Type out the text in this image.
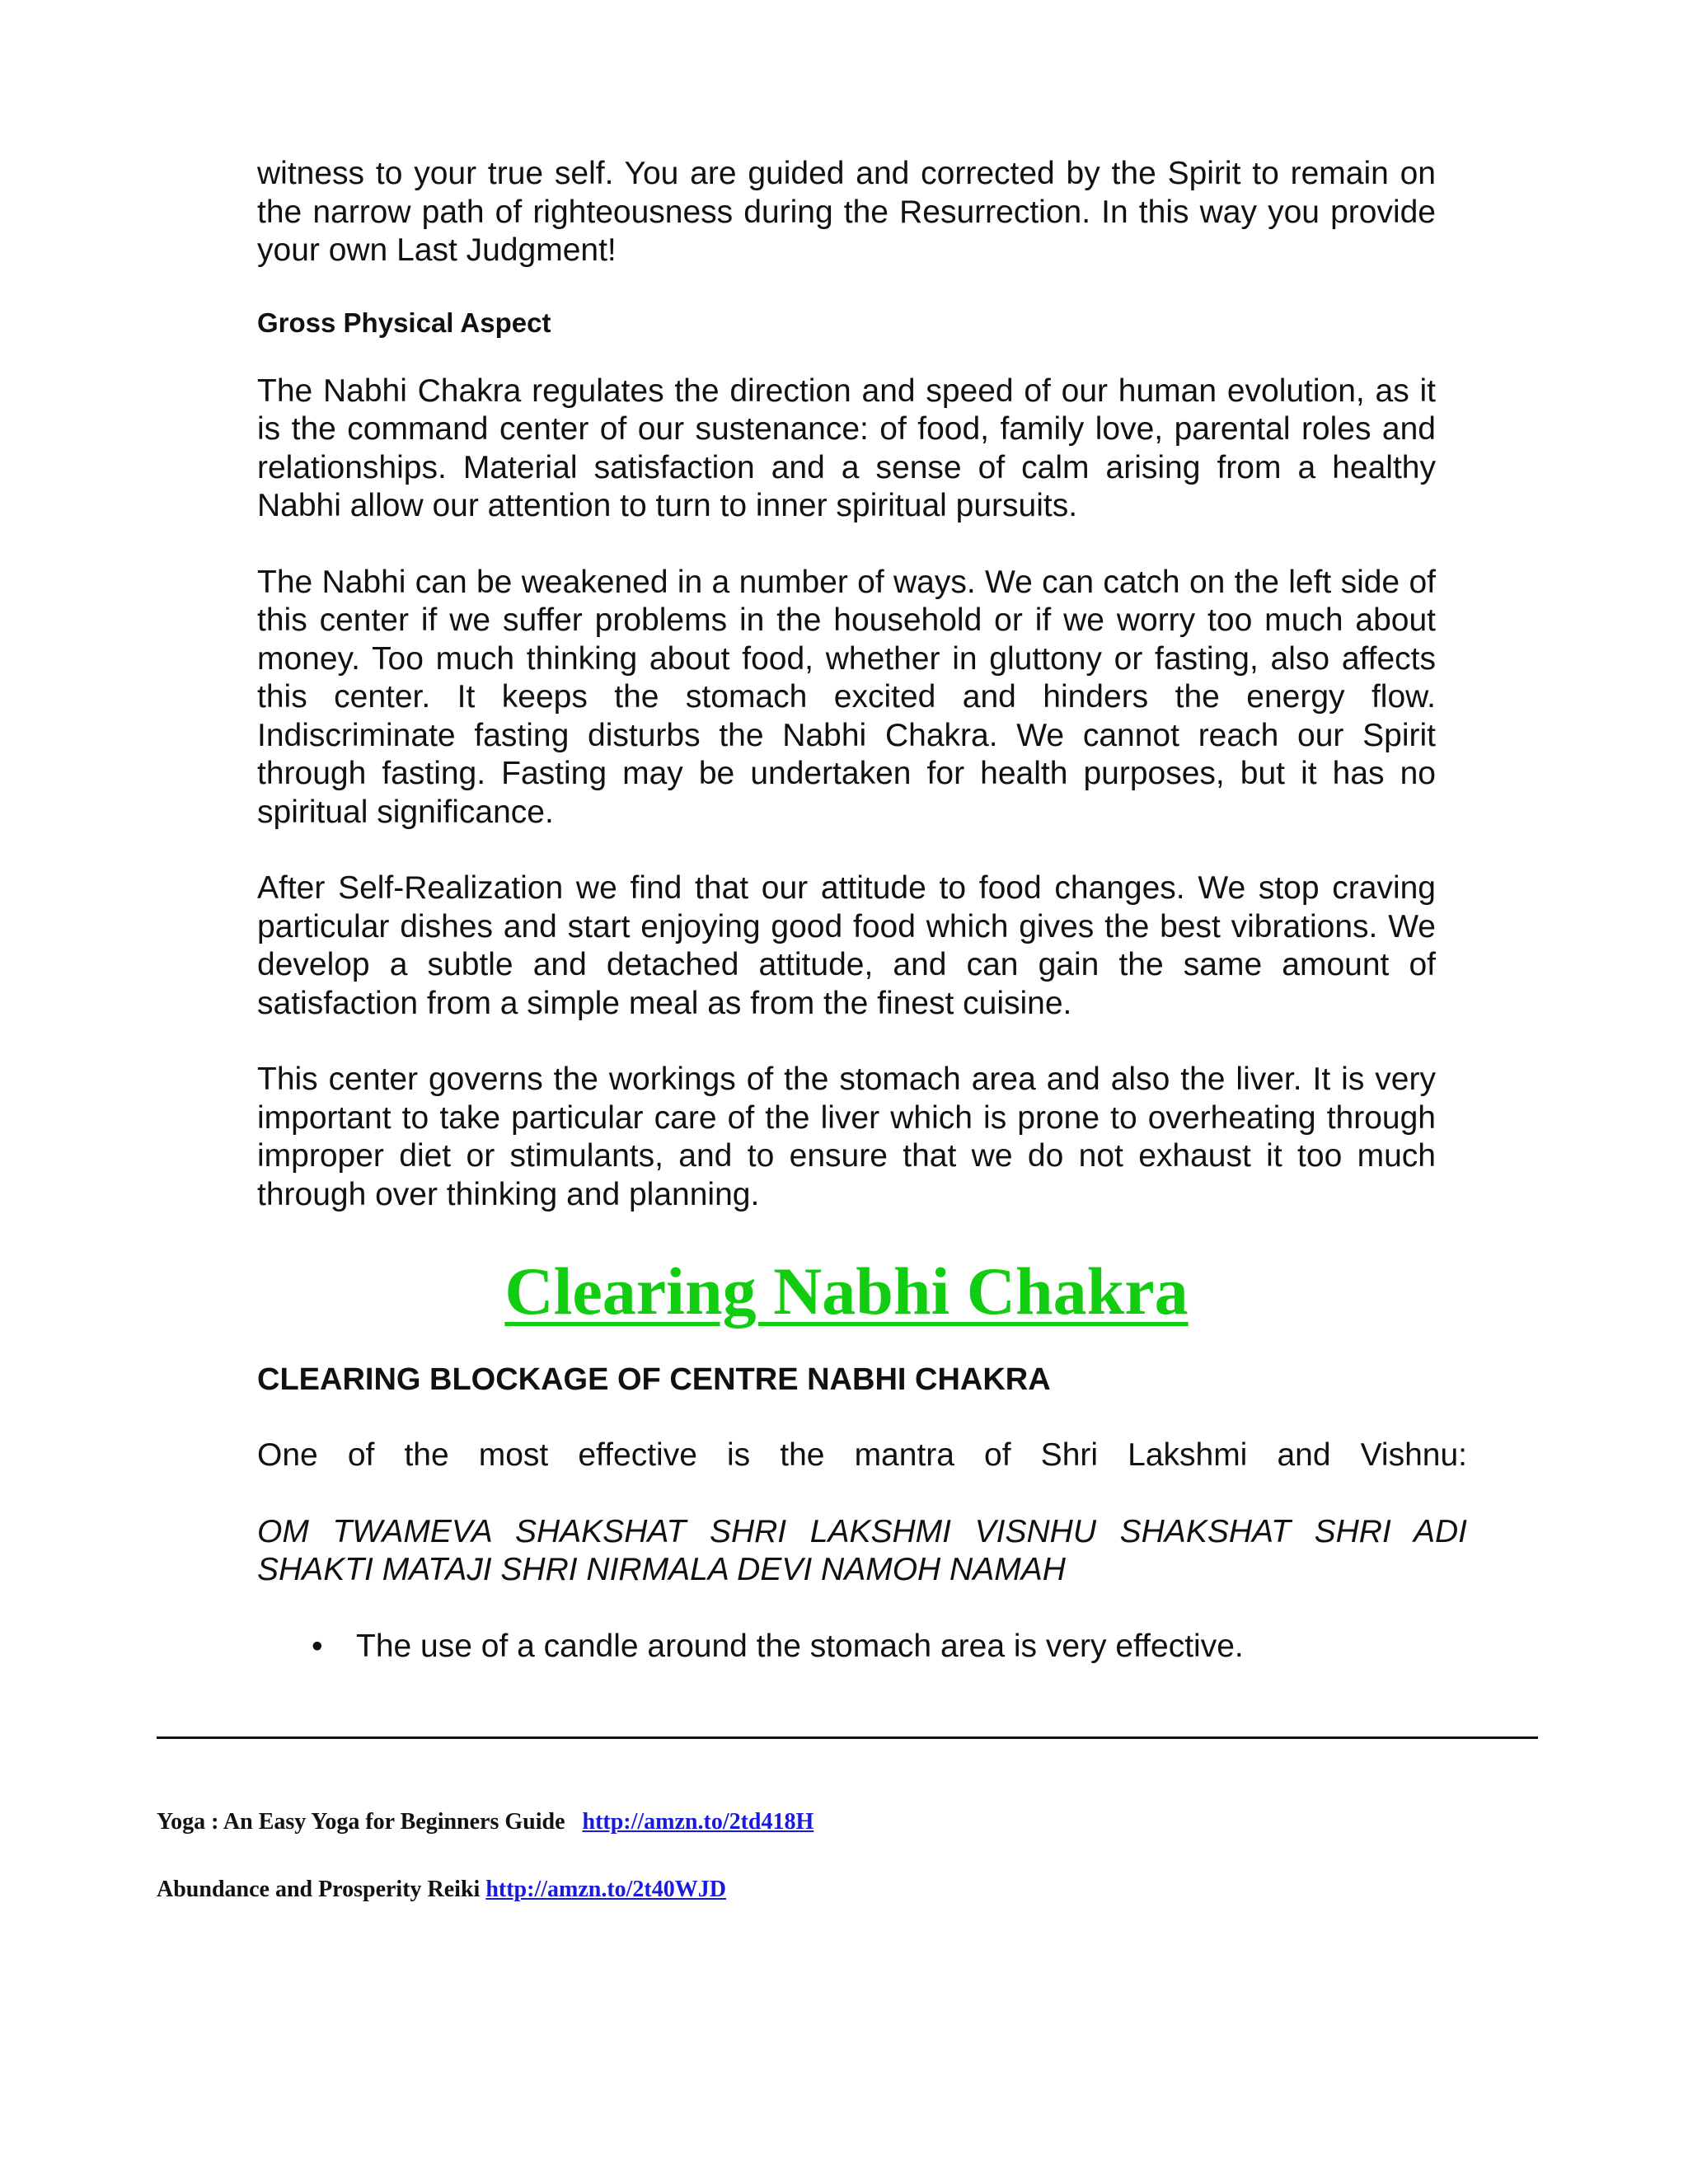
witness to your true self. You are guided and corrected by the Spirit to remain on the narrow path of righteousness during the Resurrection. In this way you provide your own Last Judgment!

Gross Physical Aspect

The Nabhi Chakra regulates the direction and speed of our human evolution, as it is the command center of our sustenance: of food, family love, parental roles and relationships. Material satisfaction and a sense of calm arising from a healthy Nabhi allow our attention to turn to inner spiritual pursuits.

The Nabhi can be weakened in a number of ways. We can catch on the left side of this center if we suffer problems in the household or if we worry too much about money. Too much thinking about food, whether in gluttony or fasting, also affects this center. It keeps the stomach excited and hinders the energy flow. Indiscriminate fasting disturbs the Nabhi Chakra. We cannot reach our Spirit through fasting. Fasting may be undertaken for health purposes, but it has no spiritual significance.

After Self-Realization we find that our attitude to food changes. We stop craving particular dishes and start enjoying good food which gives the best vibrations. We develop a subtle and detached attitude, and can gain the same amount of satisfaction from a simple meal as from the finest cuisine.

This center governs the workings of the stomach area and also the liver. It is very important to take particular care of the liver which is prone to overheating through improper diet or stimulants, and to ensure that we do not exhaust it too much through over thinking and planning.

Clearing Nabhi Chakra
CLEARING BLOCKAGE OF CENTRE NABHI CHAKRA

One of the most effective is the mantra of Shri Lakshmi and Vishnu:

OM TWAMEVA SHAKSHAT SHRI LAKSHMI VISNHU SHAKSHAT SHRI ADI SHAKTI MATAJI SHRI NIRMALA DEVI NAMOH NAMAH

• The use of a candle around the stomach area is very effective.
Yoga : An Easy Yoga for Beginners Guide http://amzn.to/2td418H
Abundance and Prosperity Reiki http://amzn.to/2t40WJD
